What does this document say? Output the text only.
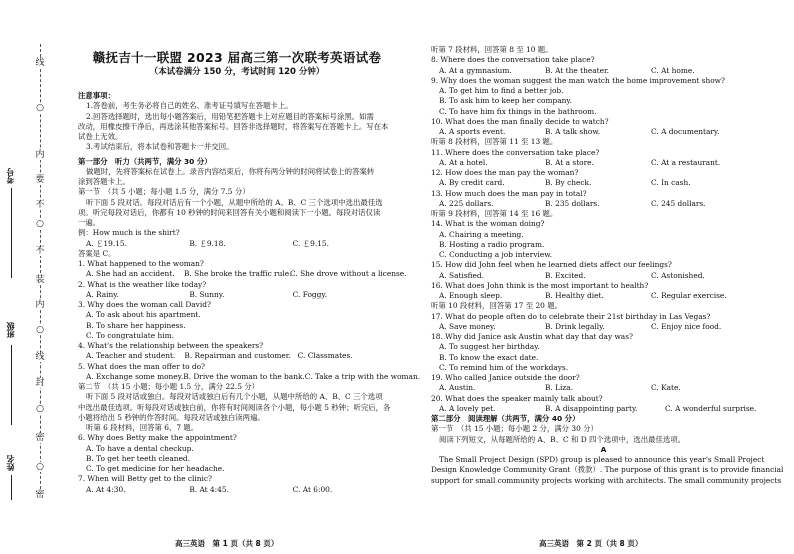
线
○
内
要
不
○
不
装
内
○
线
封
○
密
○
密
考号
班级
姓名
赣抚吉十一联盟 2023 届高三第一次联考英语试卷
（本试卷满分 150 分，考试时间 120 分钟）

注意事项：

1.答卷前，考生务必将自己的姓名、准考证号填写在答题卡上。

2.回答选择题时，选出每小题答案后，用铅笔把答题卡上对应题目的答案标号涂黑。如需

改动，用橡皮擦干净后，再选涂其他答案标号。回答非选择题时，将答案写在答题卡上。写在本

试卷上无效。

3.考试结束后，将本试卷和答题卡一并交回。

第一部分　听力（共两节，满分 30 分）

做题时，先将答案标在试卷上。录音内容结束后，你将有两分钟的时间将试卷上的答案转

涂到答题卡上。

第一节　（共 5 小题；每小题 1.5 分，满分 7.5 分）

听下面 5 段对话。每段对话后有一个小题，从题中所给的 A、B、C 三个选项中选出最佳选

项。听完每段对话后，你都有 10 秒钟的时间来回答有关小题和阅读下一小题。每段对话仅读

一遍。

例：How much is the shirt?

A. ￡19.15.	B. ￡9.18.	C. ￡9.15.

答案是 C。

1. What happened to the woman?

A. She had an accident.	B. She broke the traffic rule.
C. She drove without a license.

2. What is the weather like today?

A. Rainy.	B. Sunny.	C. Foggy.

3. Why does the woman call David?

A. To ask about his apartment.

B. To share her happiness.

C. To congratulate him.

4. What's the relationship between the speakers?

A. Teacher and student.	B. Repairman and customer. C. Classmates.

5. What does the man offer to do?

A. Exchange some money. B. Drive the woman to the bank. C. Take a trip with the woman.

第二节　（共 15 小题；每小题 1.5 分，满分 22.5 分）

听下面 5 段对话或独白。每段对话或独白后有几个小题，从题中所给的 A、B、C 三个选项

中选出最佳选项。听每段对话或独白前，你将有时间阅读各个小题，每小题 5 秒钟；听完后，各

小题将给出 5 秒钟的作答时间。每段对话或独白读两遍。

听第 6 段材料，回答第 6、7 题。

6. Why does Betty make the appointment?

A. To have a dental checkup.

B. To get her teeth cleaned.

C. To get medicine for her headache.

7. When will Betty get to the clinic?

A. At 4:30.	B. At 4:45.	C. At 6:00.

听第 7 段材料，回答第 8 至 10 题。

8. Where does the conversation take place?

A. At a gymnasium.	B. At the theater.	C. At home.

9. Why does the woman suggest the man watch the home improvement show?

A. To get him to find a better job.

B. To ask him to keep her company.

C. To have him fix things in the bathroom.

10. What does the man finally decide to watch?

A. A sports event.	B. A talk show.	C. A documentary.

听第 8 段材料，回答第 11 至 13 题。

11. Where does the conversation take place?

A. At a hotel.	B. At a store.	C. At a restaurant.

12. How does the man pay the woman?

A. By credit card.	B. By check.	C. In cash.

13. How much does the man pay in total?

A. 225 dollars.	B. 235 dollars.	C. 245 dollars.

听第 9 段材料，回答第 14 至 16 题。

14. What is the woman doing?

A. Chairing a meeting.

B. Hosting a radio program.

C. Conducting a job interview.

15. How did John feel when he learned diets affect our feelings?

A. Satisfied.	B. Excited.	C. Astonished.

16. What does John think is the most important to health?

A. Enough sleep.	B. Healthy diet.	C. Regular exercise.

听第 10 段材料，回答第 17 至 20 题。

17. What do people often do to celebrate their 21st birthday in Las Vegas?

A. Save money.	B. Drink legally.	C. Enjoy nice food.

18. Why did Janice ask Austin what day that day was?

A. To suggest her birthday.

B. To know the exact date.

C. To remind him of the workdays.

19. Who called Janice outside the door?

A. Austin.	B. Liza.	C. Kate.

20. What does the speaker mainly talk about?

A. A lovely pet.	B. A disappointing party.	C. A wonderful surprise.

第二部分　阅读理解（共两节，满分 40 分）

第一节　（共 15 小题；每小题 2 分，满分 30 分）

阅读下列短文，从每题所给的 A、B、C 和 D 四个选项中，选出最佳选项。

A

The Small Project Design (SPD) group is pleased to announce this year's Small Project

Design Knowledge Community Grant（拨款）. The purpose of this grant is to provide financial

support for small community projects working with architects. The small community projects

高三英语　第 1 页（共 8 页）	高三英语　第 2 页（共 8 页）
